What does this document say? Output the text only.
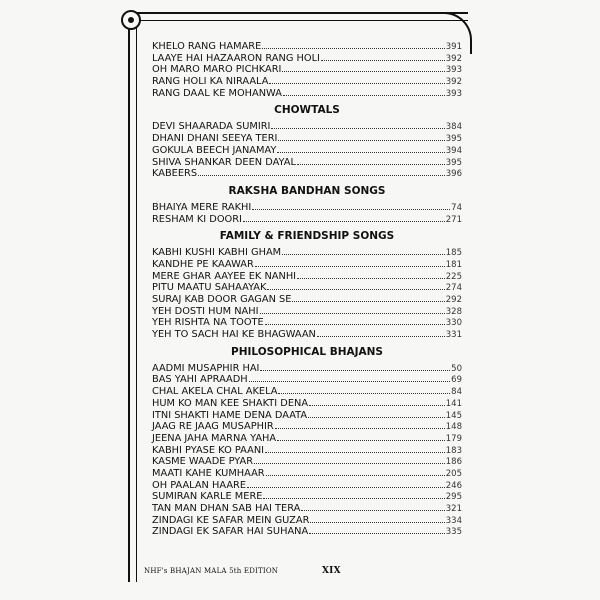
KHELO RANG HAMARE	391
LAAYE HAI HAZAARON RANG HOLI	392
OH MARO MARO PICHKARI	393
RANG HOLI KA NIRAALA	392
RANG DAAL KE MOHANWA	393
CHOWTALS
DEVI SHAARADA SUMIRI	384
DHANI DHANI SEEYA TERI	395
GOKULA BEECH JANAMAY	394
SHIVA SHANKAR DEEN DAYAL	395
KABEERS	396
RAKSHA BANDHAN SONGS
BHAIYA MERE RAKHI	74
RESHAM KI DOORI	271
FAMILY & FRIENDSHIP SONGS
KABHI KUSHI KABHI GHAM	185
KANDHE PE KAAWAR	181
MERE GHAR AAYEE EK NANHI	225
PITU MAATU SAHAAYAK	274
SURAJ KAB DOOR GAGAN SE	292
YEH DOSTI HUM NAHI	328
YEH RISHTA NA TOOTE	330
YEH TO SACH HAI KE BHAGWAAN	331
PHILOSOPHICAL BHAJANS
AADMI MUSAPHIR HAI	50
BAS YAHI APRAADH	69
CHAL AKELA CHAL AKELA	84
HUM KO MAN KEE SHAKTI DENA	141
ITNI SHAKTI HAME DENA DAATA	145
JAAG RE JAAG MUSAPHIR	148
JEENA JAHA MARNA YAHA	179
KABHI PYASE KO PAANI	183
KASME WAADE PYAR	186
MAATI KAHE KUMHAAR	205
OH PAALAN HAARE	246
SUMIRAN KARLE MERE	295
TAN MAN DHAN SAB HAI TERA	321
ZINDAGI KE SAFAR MEIN GUZAR	334
ZINDAGI EK SAFAR HAI SUHANA	335
NHF's BHAJAN MALA 5th EDITION	XIX
